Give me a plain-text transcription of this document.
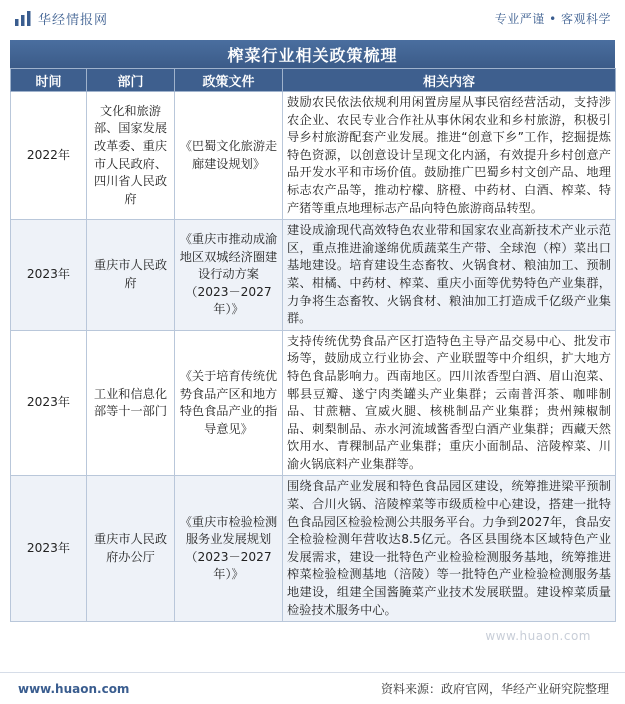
华经情报网	专业严谨 • 客观科学
榨菜行业相关政策梳理
时间	部门	政策文件	相关内容
2022年	文化和旅游部、国家发展改革委、重庆市人民政府、四川省人民政府	《巴蜀文化旅游走廊建设规划》	鼓励农民依法依规利用闲置房屋从事民宿经营活动，支持涉农企业、农民专业合作社从事休闲农业和乡村旅游，积极引导乡村旅游配套产业发展。推进“创意下乡”工作，挖掘提炼特色资源，以创意设计呈现文化内涵，有效提升乡村创意产品开发水平和市场价值。鼓励推广巴蜀乡村文创产品、地理标志农产品等，推动柠檬、脐橙、中药材、白酒、榨菜、特产猪等重点地理标志产品向特色旅游商品转型。
2023年	重庆市人民政府	《重庆市推动成渝地区双城经济圈建设行动方案（2023－2027年）》	建设成渝现代高效特色农业带和国家农业高新技术产业示范区，重点推进渝遂绵优质蔬菜生产带、全球泡（榨）菜出口基地建设。培育建设生态畜牧、火锅食材、粮油加工、预制菜、柑橘、中药材、榨菜、重庆小面等优势特色产业集群，力争将生态畜牧、火锅食材、粮油加工打造成千亿级产业集群。
2023年	工业和信息化部等十一部门	《关于培育传统优势食品产区和地方特色食品产业的指导意见》	支持传统优势食品产区打造特色主导产品交易中心、批发市场等，鼓励成立行业协会、产业联盟等中介组织，扩大地方特色食品影响力。西南地区。四川浓香型白酒、眉山泡菜、郫县豆瓣、遂宁肉类罐头产业集群；云南普洱茶、咖啡制品、甘蔗糖、宣威火腿、核桃制品产业集群；贵州辣椒制品、刺梨制品、赤水河流域酱香型白酒产业集群；西藏天然饮用水、青稞制品产业集群；重庆小面制品、涪陵榨菜、川渝火锅底料产业集群等。
2023年	重庆市人民政府办公厅	《重庆市检验检测服务业发展规划（2023－2027年）》	围绕食品产业发展和特色食品园区建设，统筹推进梁平预制菜、合川火锅、涪陵榨菜等市级质检中心建设，搭建一批特色食品园区检验检测公共服务平台。力争到2027年，食品安全检验检测年营收达8.5亿元。各区县围绕本区域特色产业发展需求，建设一批特色产业检验检测服务基地，统筹推进榨菜检验检测基地（涪陵）等一批特色产业检验检测服务基地建设，组建全国酱腌菜产业技术发展联盟。建设榨菜质量检验技术服务中心。
www.huaon.com
www.huaon.com	资料来源：政府官网，华经产业研究院整理
